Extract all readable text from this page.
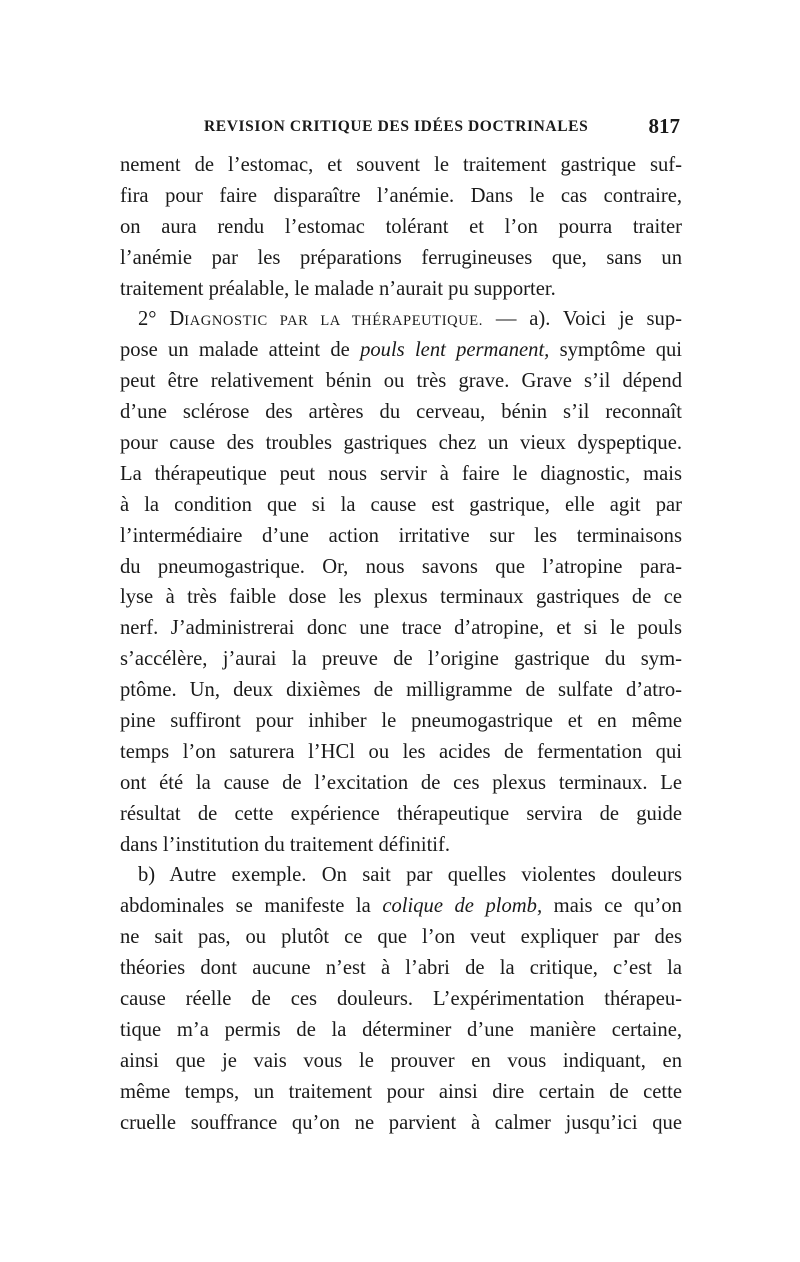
REVISION CRITIQUE DES IDÉES DOCTRINALES	817
nement de l’estomac, et souvent le traitement gastrique suf-
fira pour faire disparaître l’anémie. Dans le cas contraire,
on aura rendu l’estomac tolérant et l’on pourra traiter
l’anémie par les préparations ferrugineuses que, sans un
traitement préalable, le malade n’aurait pu supporter.
2° DIAGNOSTIC PAR LA THÉRAPEUTIQUE. — a). Voici je sup-
pose un malade atteint de pouls lent permanent, symptôme qui
peut être relativement bénin ou très grave. Grave s’il dépend
d’une sclérose des artères du cerveau, bénin s’il reconnaît
pour cause des troubles gastriques chez un vieux dyspeptique.
La thérapeutique peut nous servir à faire le diagnostic, mais
à la condition que si la cause est gastrique, elle agit par
l’intermédiaire d’une action irritative sur les terminaisons
du pneumogastrique. Or, nous savons que l’atropine para-
lyse à très faible dose les plexus terminaux gastriques de ce
nerf. J’administrerai donc une trace d’atropine, et si le pouls
s’accélère, j’aurai la preuve de l’origine gastrique du sym-
ptôme. Un, deux dixièmes de milligramme de sulfate d’atro-
pine suffiront pour inhiber le pneumogastrique et en même
temps l’on saturera l’HCl ou les acides de fermentation qui
ont été la cause de l’excitation de ces plexus terminaux. Le
résultat de cette expérience thérapeutique servira de guide
dans l’institution du traitement définitif.
b) Autre exemple. On sait par quelles violentes douleurs
abdominales se manifeste la colique de plomb, mais ce qu’on
ne sait pas, ou plutôt ce que l’on veut expliquer par des
théories dont aucune n’est à l’abri de la critique, c’est la
cause réelle de ces douleurs. L’expérimentation thérapeu-
tique m’a permis de la déterminer d’une manière certaine,
ainsi que je vais vous le prouver en vous indiquant, en
même temps, un traitement pour ainsi dire certain de cette
cruelle souffrance qu’on ne parvient à calmer jusqu’ici que
